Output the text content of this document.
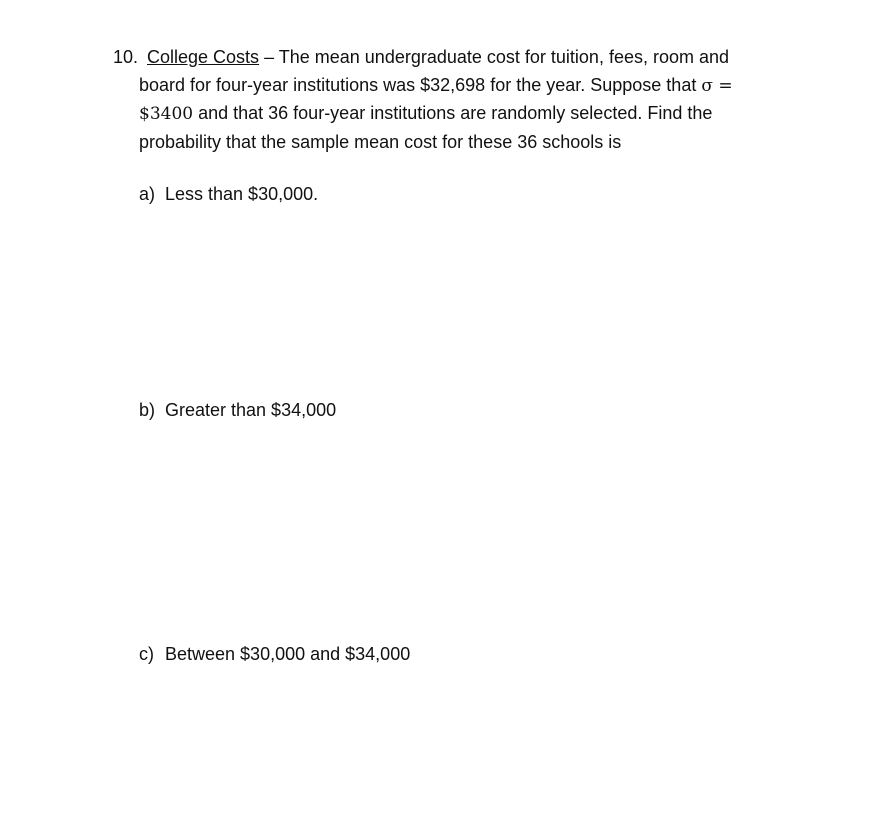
10. College Costs – The mean undergraduate cost for tuition, fees, room and board for four-year institutions was $32,698 for the year. Suppose that σ = $3400 and that 36 four-year institutions are randomly selected. Find the probability that the sample mean cost for these 36 schools is
a) Less than $30,000.
b) Greater than $34,000
c) Between $30,000 and $34,000
